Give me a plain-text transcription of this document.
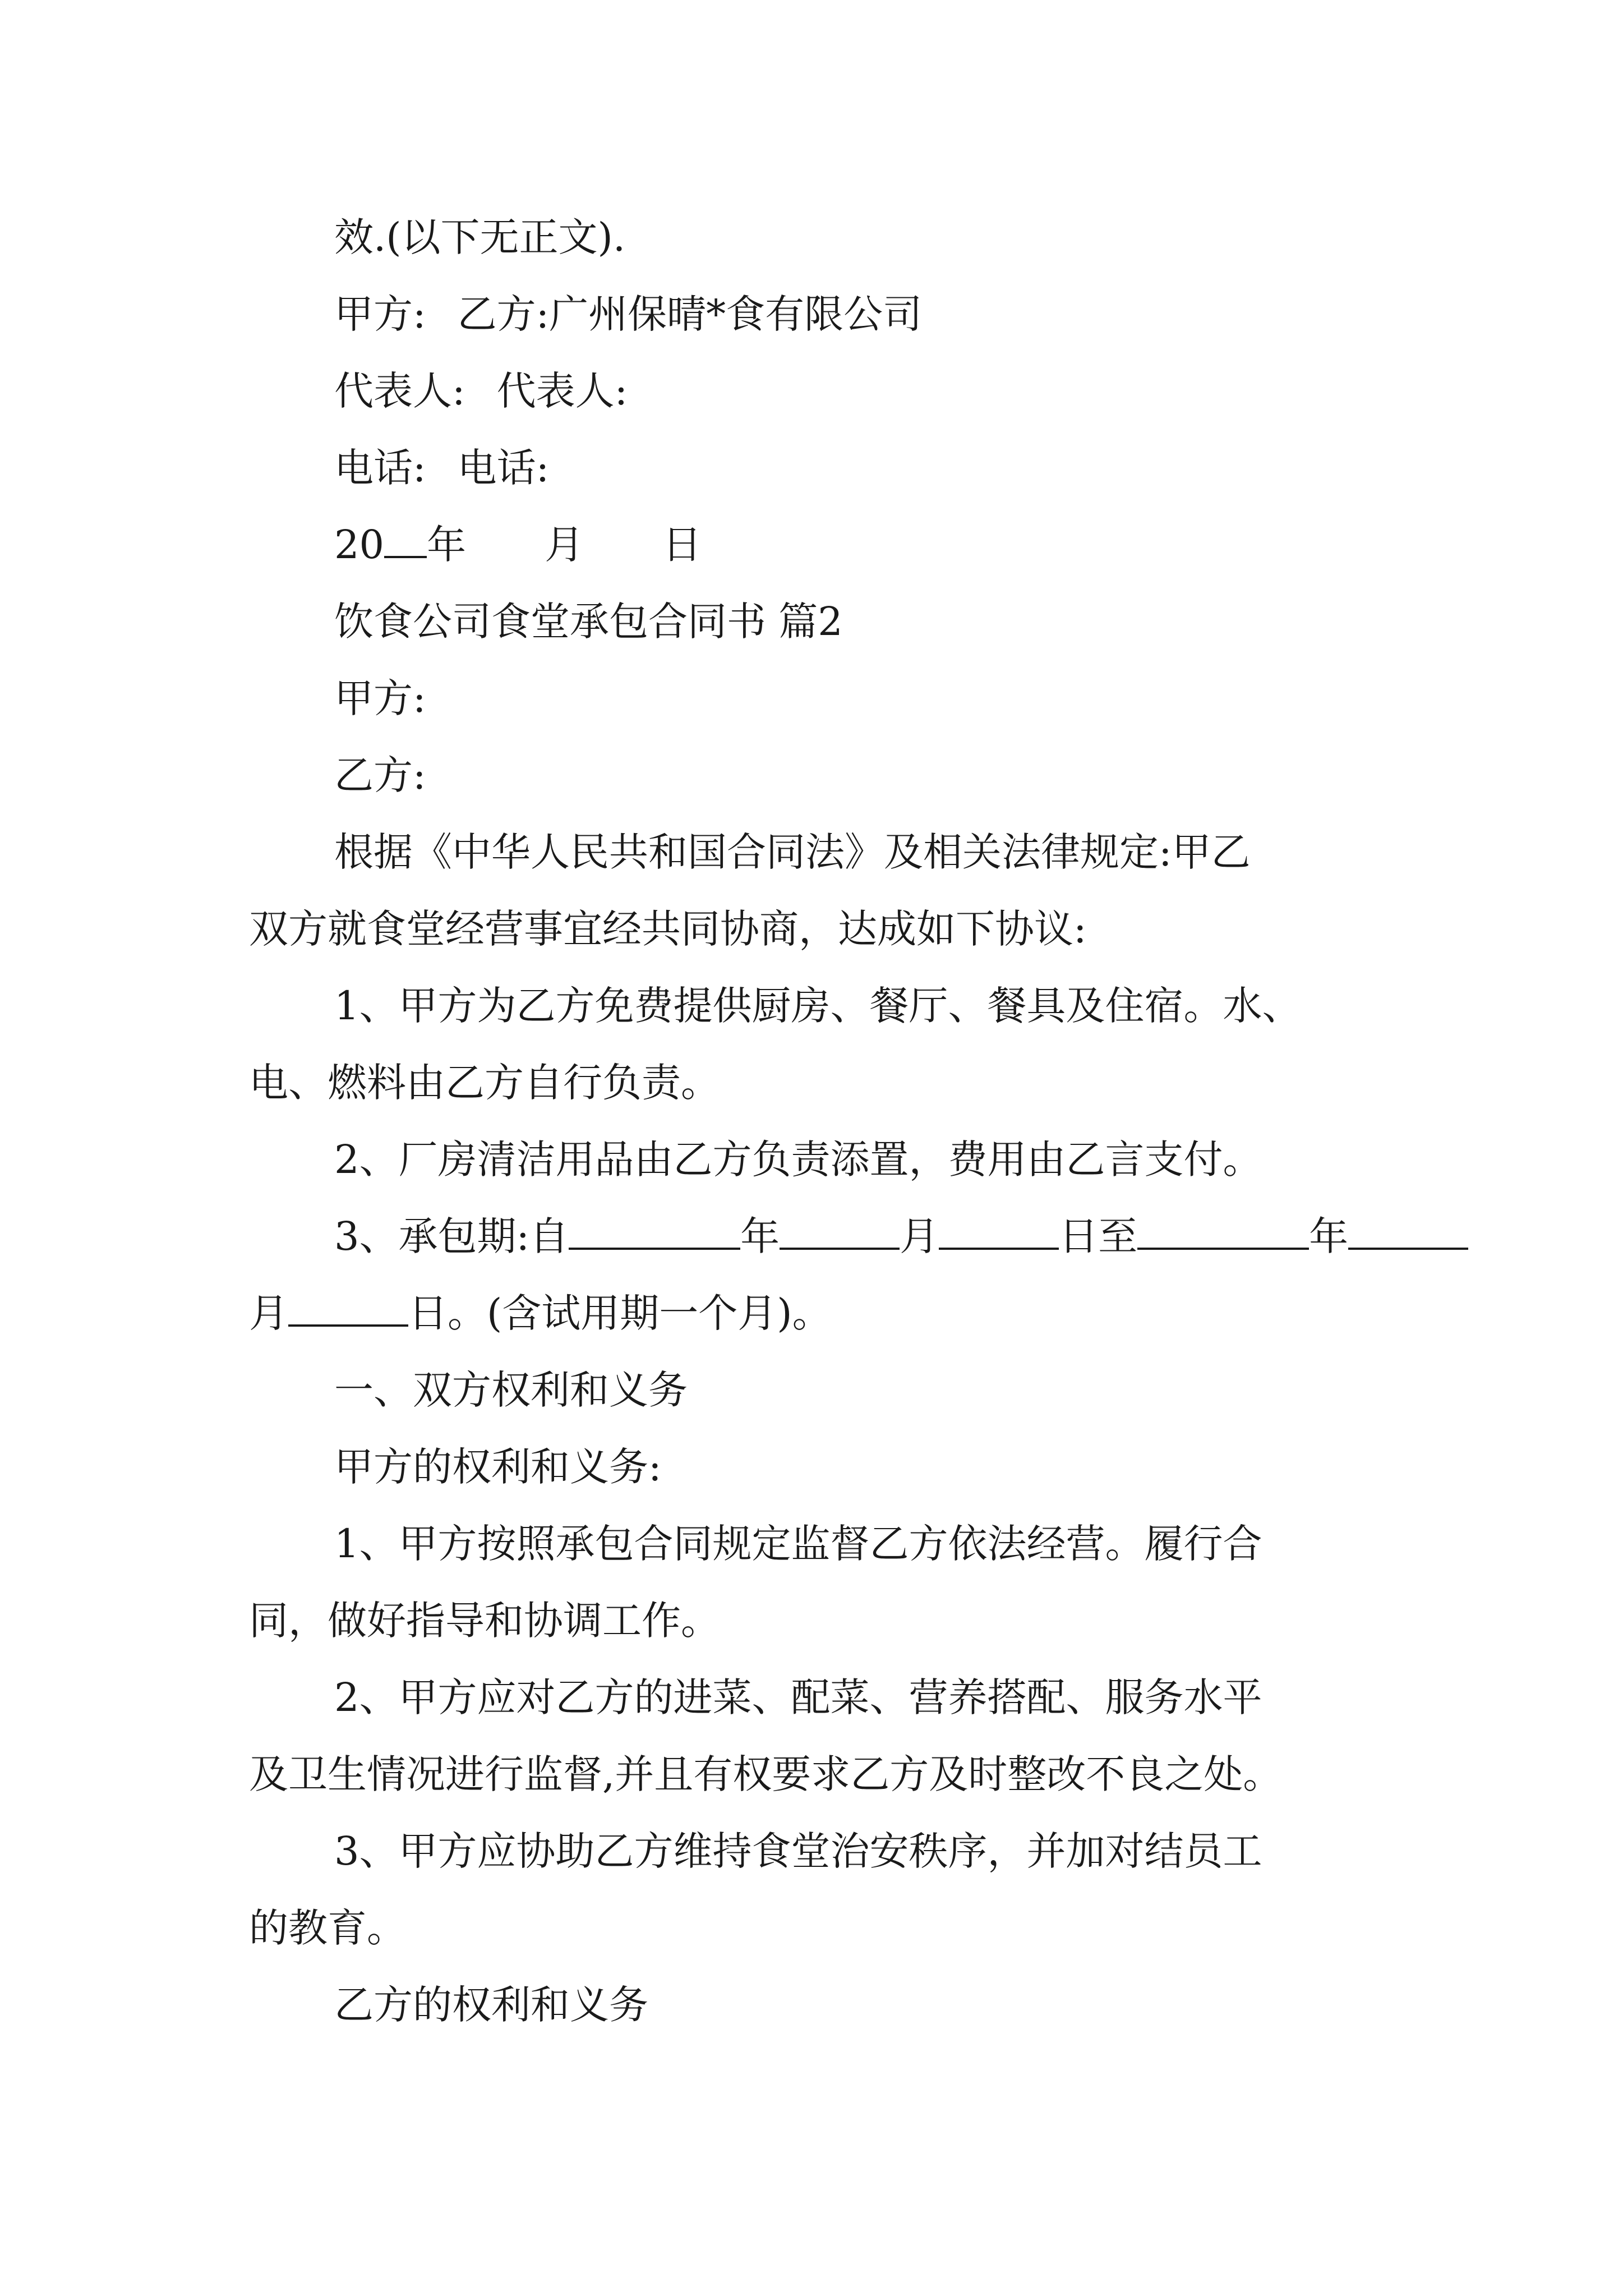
效.(以下无正文).

甲方: 乙方:广州保晴*食有限公司

代表人: 代表人:

电话: 电话:

20 年 月 日

饮食公司食堂承包合同书 篇2

甲方:

乙方:

根据《中华人民共和国合同法》及相关法律规定:甲乙

双方就食堂经营事宜经共同协商，达成如下协议:

1、甲方为乙方免费提供厨房、餐厅、餐具及住宿。水、

电、燃料由乙方自行负责。

2、厂房清洁用品由乙方负责添置，费用由乙言支付。

3、承包期:自	年	月	日至	年

月	日。(含试用期一个月)。

一、双方权利和义务

甲方的权利和义务:

1、甲方按照承包合同规定监督乙方依法经营。履行合

同，做好指导和协调工作。

2、甲方应对乙方的进菜、配菜、营养搭配、服务水平

及卫生情况进行监督,并且有权要求乙方及时整改不良之处。

3、甲方应协助乙方维持食堂治安秩序，并加对结员工

的教育。

乙方的权利和义务
